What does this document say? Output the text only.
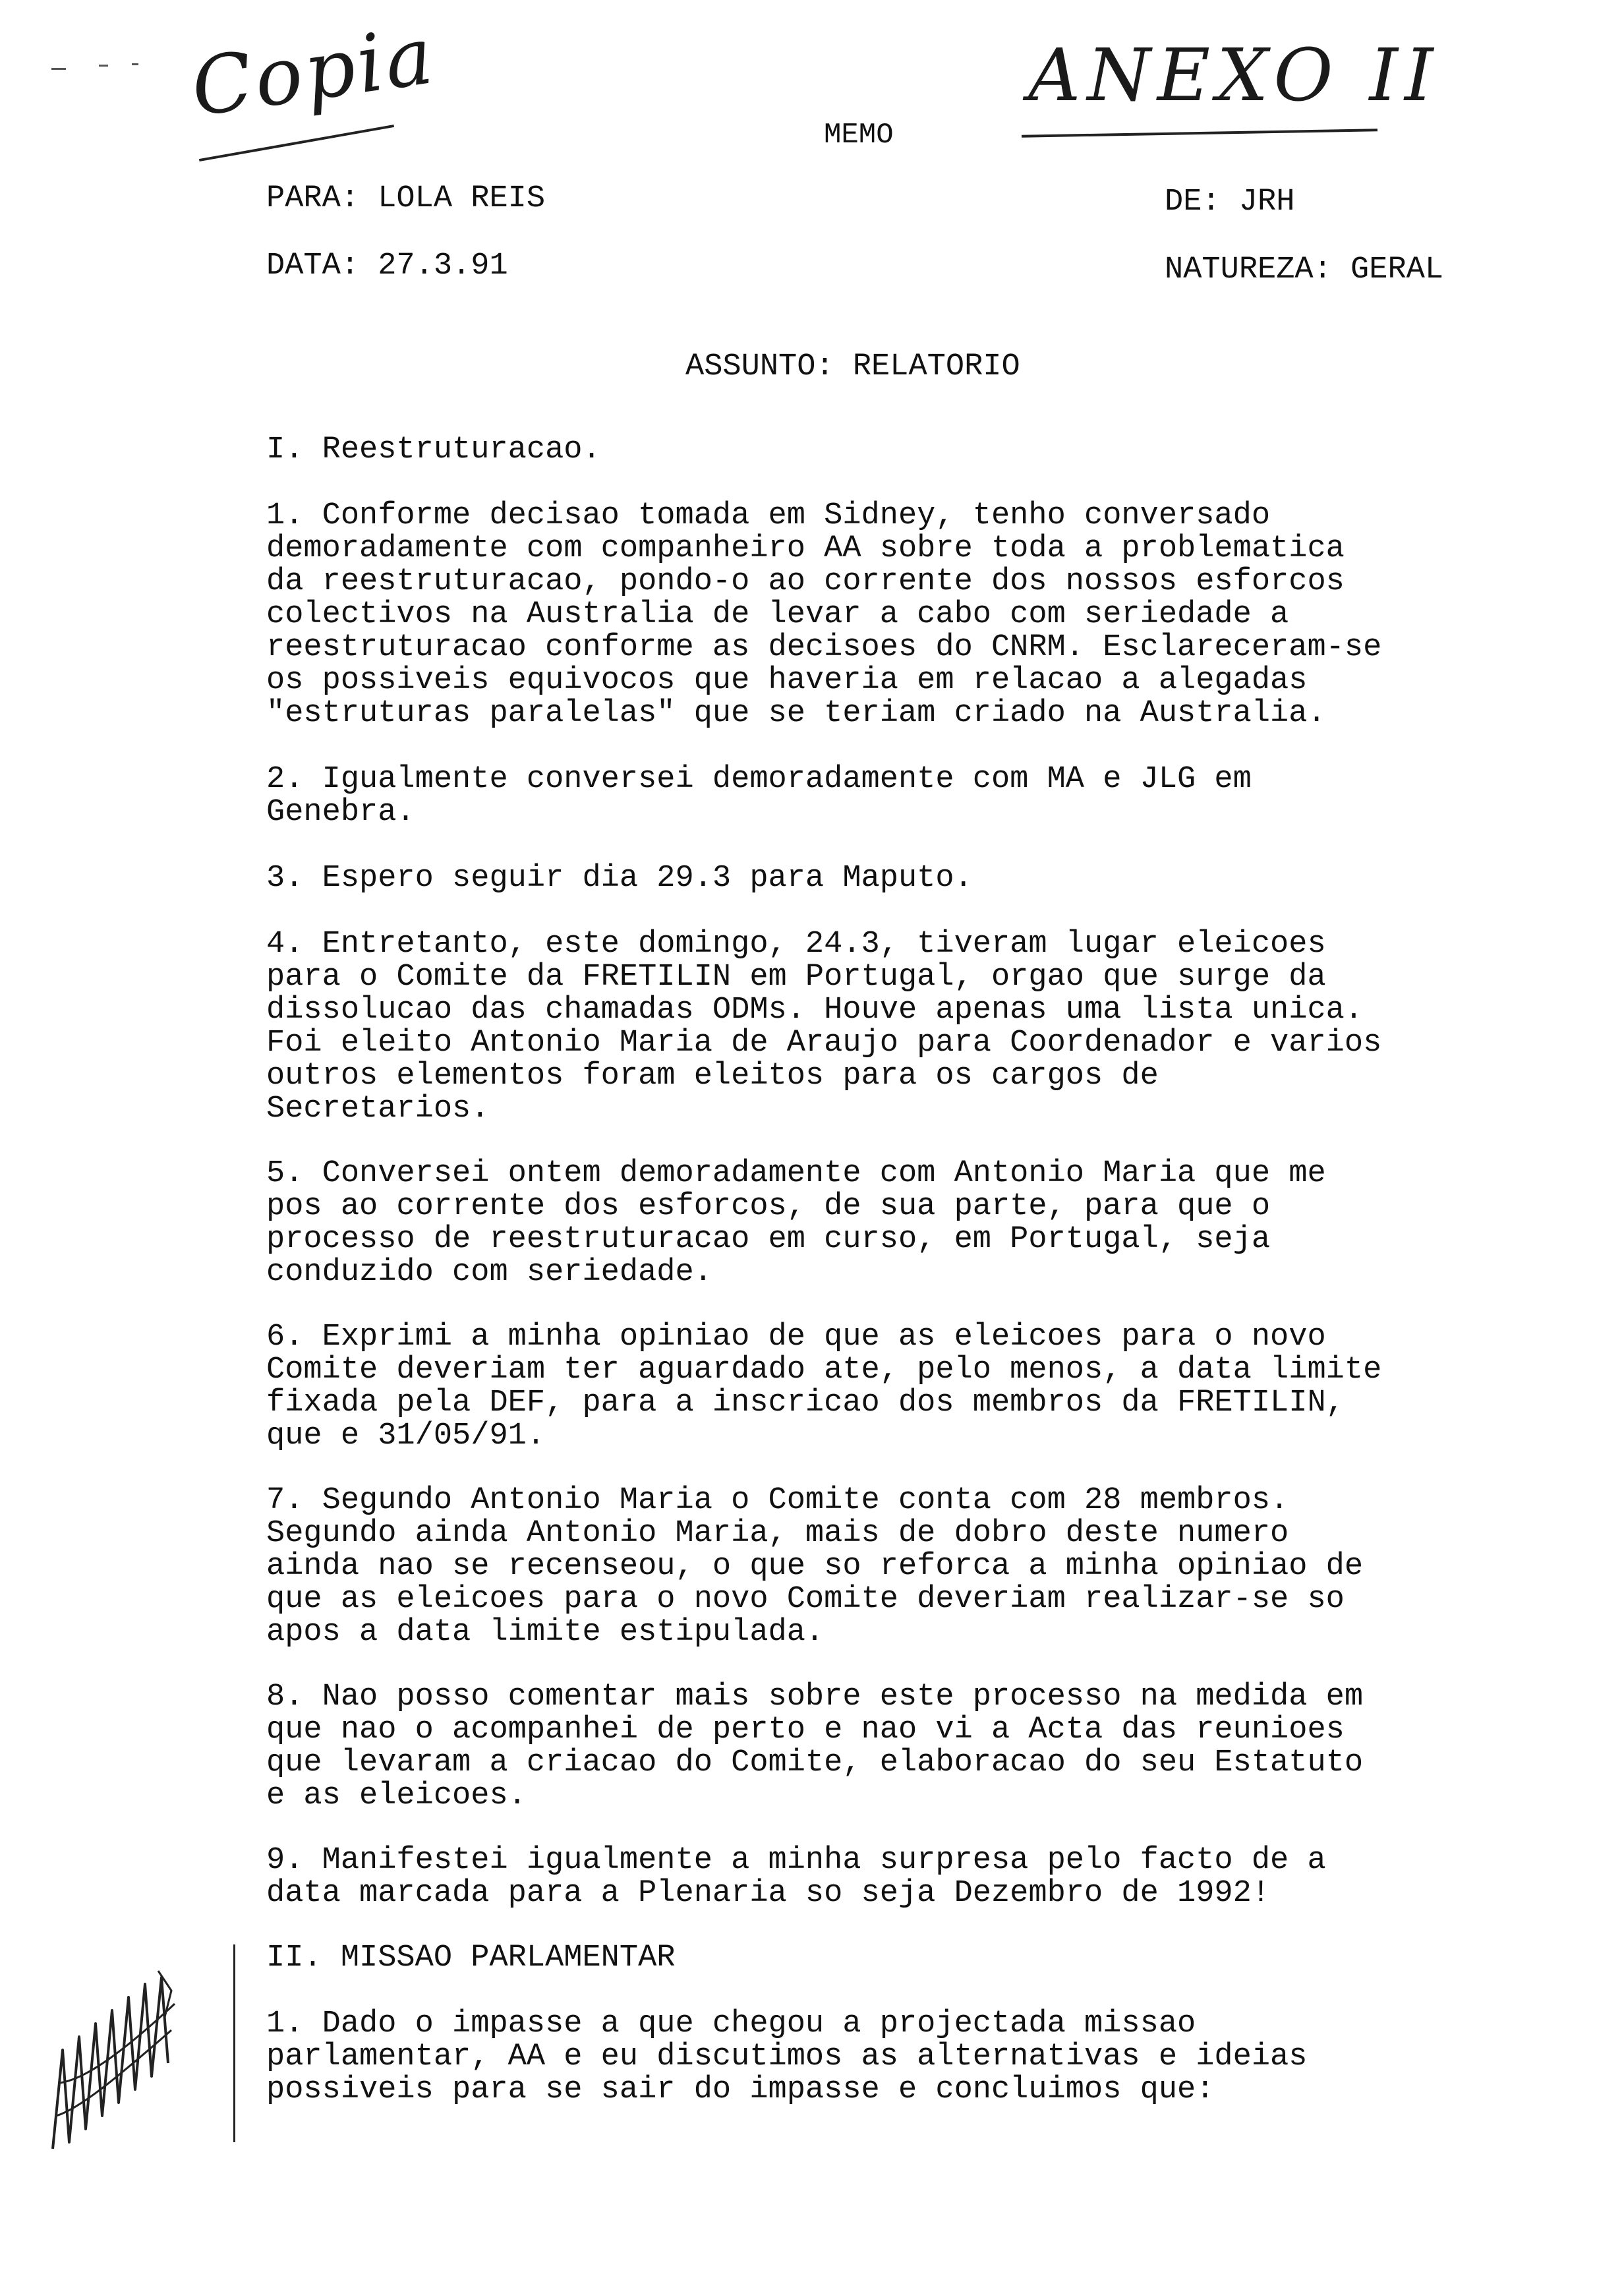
Copia	ANEXO II
MEMO
PARA: LOLA REIS	DE: JRH
DATA: 27.3.91	NATUREZA: GERAL
ASSUNTO: RELATORIO

I. Reestruturacao.

1. Conforme decisao tomada em Sidney, tenho conversado
demoradamente com companheiro AA sobre toda a problematica
da reestruturacao, pondo-o ao corrente dos nossos esforcos
colectivos na Australia de levar a cabo com seriedade a
reestruturacao conforme as decisoes do CNRM. Esclareceram-se
os possiveis equivocos que haveria em relacao a alegadas
"estruturas paralelas" que se teriam criado na Australia.

2. Igualmente conversei demoradamente com MA e JLG em
Genebra.

3. Espero seguir dia 29.3 para Maputo.

4. Entretanto, este domingo, 24.3, tiveram lugar eleicoes
para o Comite da FRETILIN em Portugal, orgao que surge da
dissolucao das chamadas ODMs. Houve apenas uma lista unica.
Foi eleito Antonio Maria de Araujo para Coordenador e varios
outros elementos foram eleitos para os cargos de
Secretarios.

5. Conversei ontem demoradamente com Antonio Maria que me
pos ao corrente dos esforcos, de sua parte, para que o
processo de reestruturacao em curso, em Portugal, seja
conduzido com seriedade.

6. Exprimi a minha opiniao de que as eleicoes para o novo
Comite deveriam ter aguardado ate, pelo menos, a data limite
fixada pela DEF, para a inscricao dos membros da FRETILIN,
que e 31/05/91.

7. Segundo Antonio Maria o Comite conta com 28 membros.
Segundo ainda Antonio Maria, mais de dobro deste numero
ainda nao se recenseou, o que so reforca a minha opiniao de
que as eleicoes para o novo Comite deveriam realizar-se so
apos a data limite estipulada.

8. Nao posso comentar mais sobre este processo na medida em
que nao o acompanhei de perto e nao vi a Acta das reunioes
que levaram a criacao do Comite, elaboracao do seu Estatuto
e as eleicoes.

9. Manifestei igualmente a minha surpresa pelo facto de a
data marcada para a Plenaria so seja Dezembro de 1992!

II. MISSAO PARLAMENTAR

1. Dado o impasse a que chegou a projectada missao
parlamentar, AA e eu discutimos as alternativas e ideias
possiveis para se sair do impasse e concluimos que:
